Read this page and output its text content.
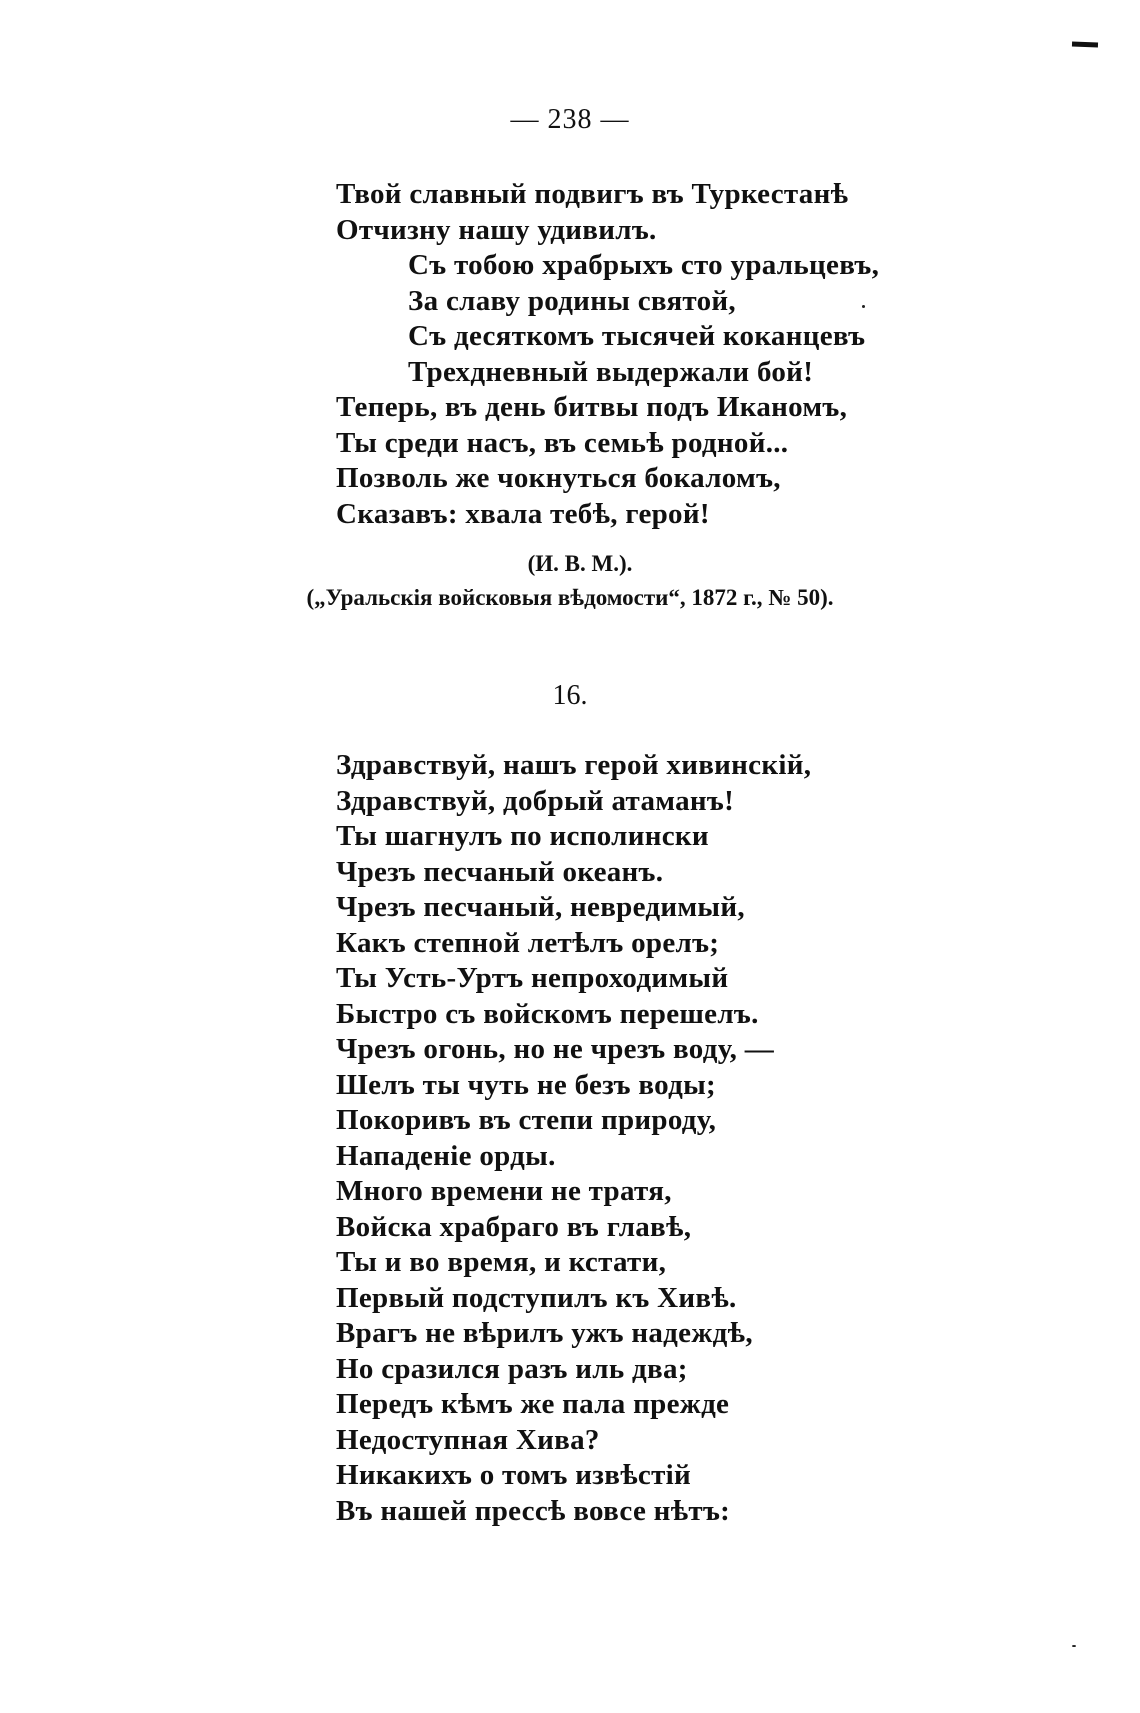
— 238 —
Твой славный подвигъ въ Туркестанѣ
Отчизну нашу удивилъ.
Съ тобою храбрыхъ сто уральцевъ,
За славу родины святой,
Съ десяткомъ тысячей коканцевъ
Трехдневный выдержали бой!
Теперь, въ день битвы подъ Иканомъ,
Ты среди насъ, въ семьѣ родной...
Позволь же чокнуться бокаломъ,
Сказавъ: хвала тебѣ, герой!
(И. В. М.).
(„Уральскія войсковыя вѣдомости“, 1872 г., № 50).
16.
Здравствуй, нашъ герой хивинскій,
Здравствуй, добрый атаманъ!
Ты шагнулъ по исполински
Чрезъ песчаный океанъ.
Чрезъ песчаный, невредимый,
Какъ степной летѣлъ орелъ;
Ты Усть-Уртъ непроходимый
Быстро съ войскомъ перешелъ.
Чрезъ огонь, но не чрезъ воду, —
Шелъ ты чуть не безъ воды;
Покоривъ въ степи природу,
Нападеніе орды.
Много времени не тратя,
Войска храбраго въ главѣ,
Ты и во время, и кстати,
Первый подступилъ къ Хивѣ.
Врагъ не вѣрилъ ужъ надеждѣ,
Но сразился разъ иль два;
Передъ кѣмъ же пала прежде
Недоступная Хива?
Никакихъ о томъ извѣстій
Въ нашей прессѣ вовсе нѣтъ:
